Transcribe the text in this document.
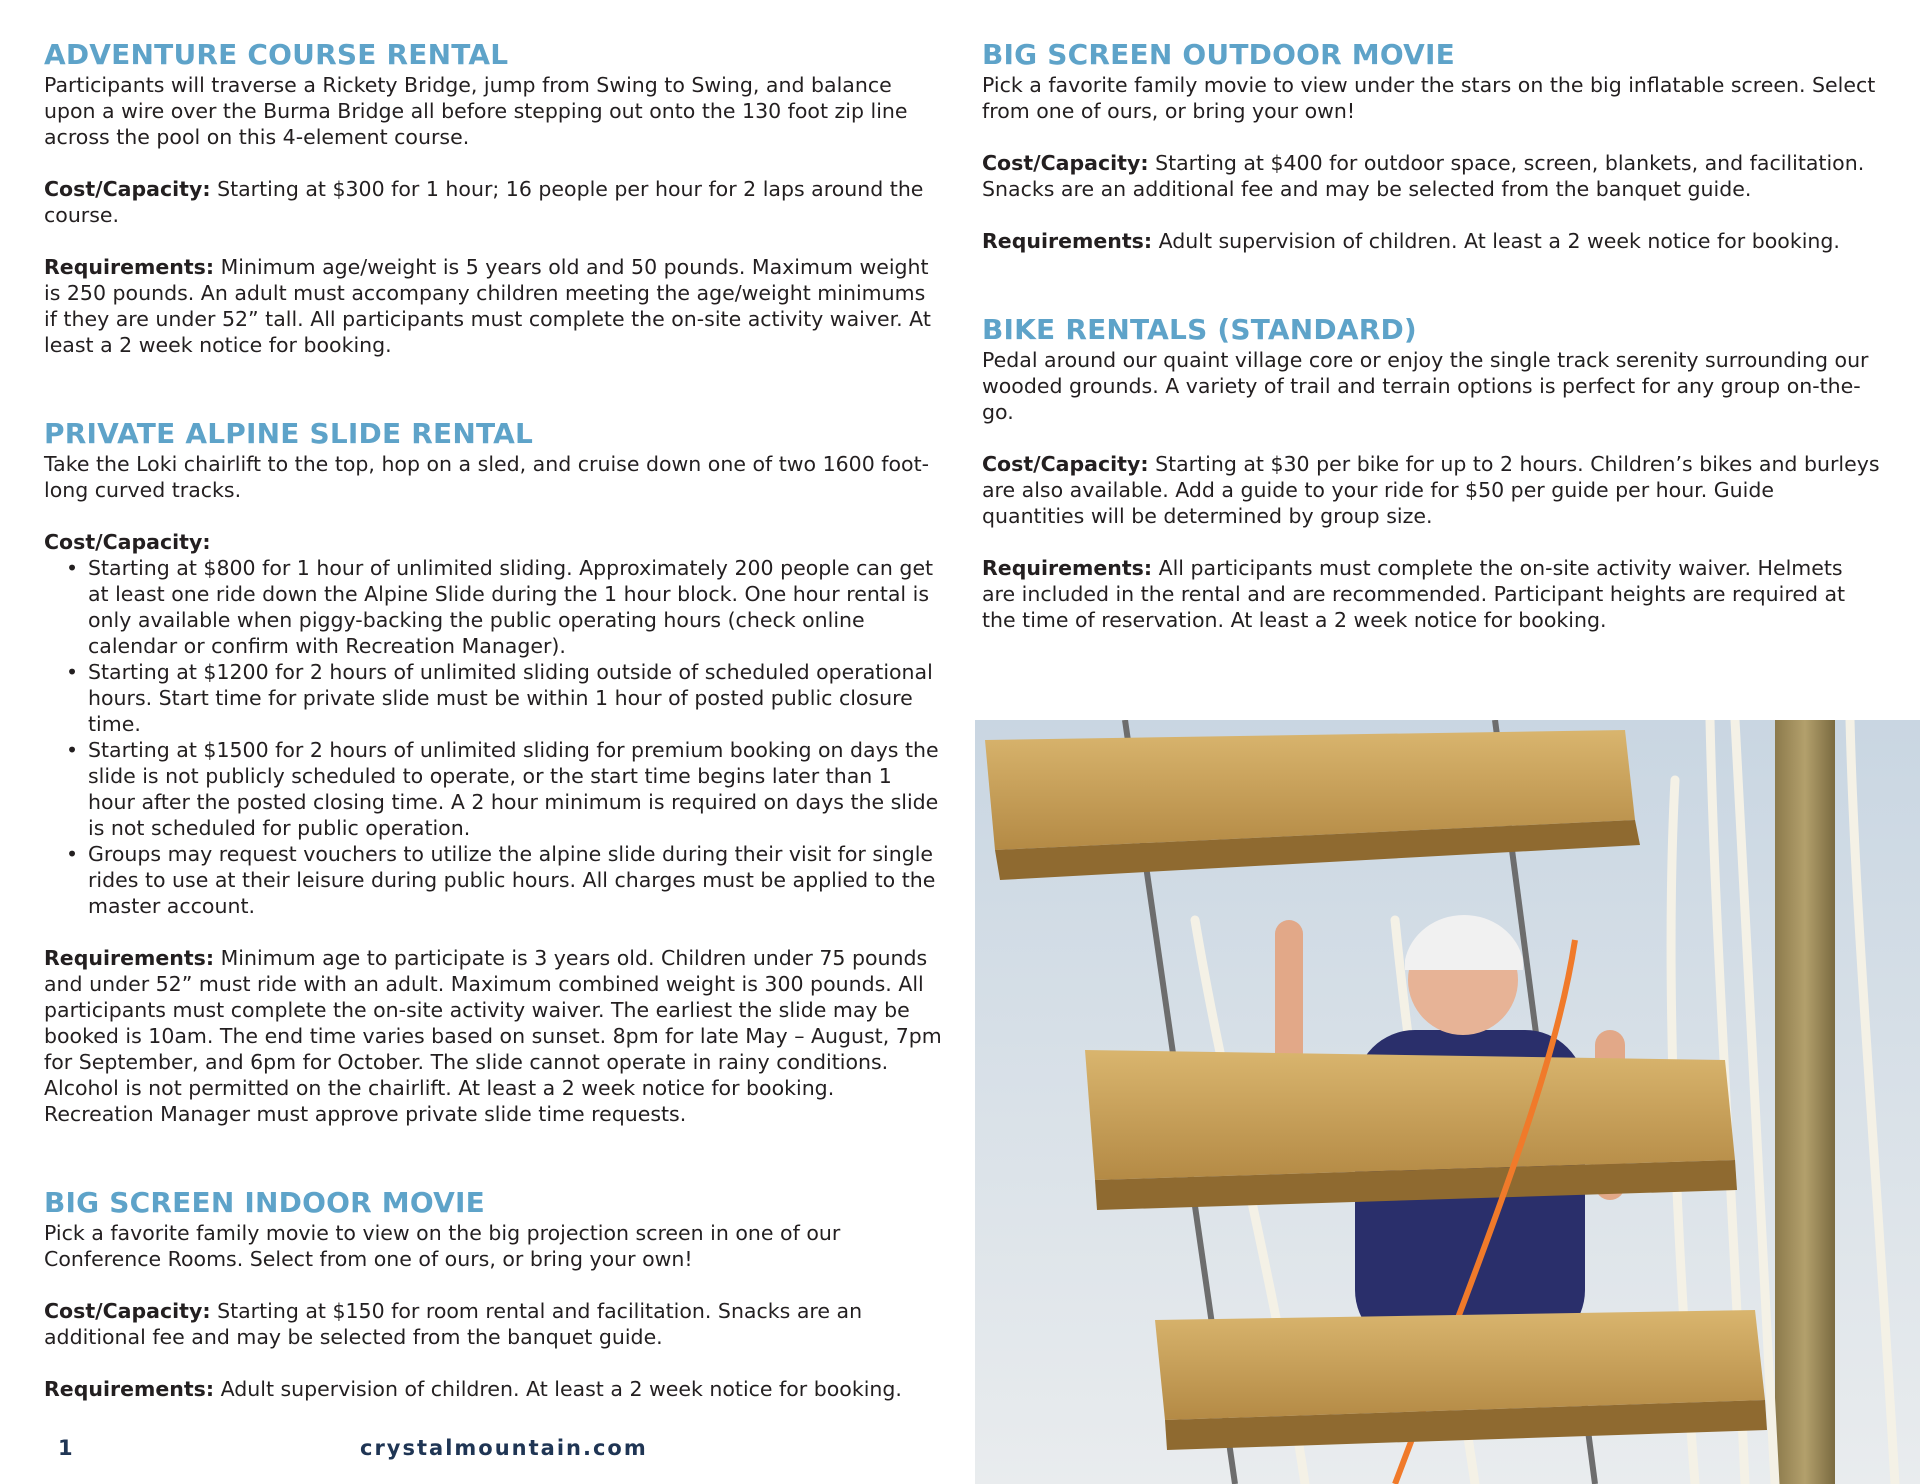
ADVENTURE COURSE RENTAL

Participants will traverse a Rickety Bridge, jump from Swing to Swing, and balance upon a wire over the Burma Bridge all before stepping out onto the 130 foot zip line across the pool on this 4-element course.

Cost/Capacity: Starting at $300 for 1 hour; 16 people per hour for 2 laps around the course.

Requirements: Minimum age/weight is 5 years old and 50 pounds. Maximum weight is 250 pounds. An adult must accompany children meeting the age/weight minimums if they are under 52” tall. All participants must complete the on-site activity waiver. At least a 2 week notice for booking.

PRIVATE ALPINE SLIDE RENTAL

Take the Loki chairlift to the top, hop on a sled, and cruise down one of two 1600 foot-long curved tracks.

Cost/Capacity:

• Starting at $800 for 1 hour of unlimited sliding. Approximately 200 people can get at least one ride down the Alpine Slide during the 1 hour block. One hour rental is only available when piggy-backing the public operating hours (check online calendar or confirm with Recreation Manager).
• Starting at $1200 for 2 hours of unlimited sliding outside of scheduled operational hours. Start time for private slide must be within 1 hour of posted public closure time.
• Starting at $1500 for 2 hours of unlimited sliding for premium booking on days the slide is not publicly scheduled to operate, or the start time begins later than 1 hour after the posted closing time. A 2 hour minimum is required on days the slide is not scheduled for public operation.
• Groups may request vouchers to utilize the alpine slide during their visit for single rides to use at their leisure during public hours. All charges must be applied to the master account.

Requirements: Minimum age to participate is 3 years old. Children under 75 pounds and under 52” must ride with an adult. Maximum combined weight is 300 pounds. All participants must complete the on-site activity waiver. The earliest the slide may be booked is 10am. The end time varies based on sunset. 8pm for late May – August, 7pm for September, and 6pm for October. The slide cannot operate in rainy conditions. Alcohol is not permitted on the chairlift. At least a 2 week notice for booking. Recreation Manager must approve private slide time requests.

BIG SCREEN INDOOR MOVIE

Pick a favorite family movie to view on the big projection screen in one of our Conference Rooms. Select from one of ours, or bring your own!

Cost/Capacity: Starting at $150 for room rental and facilitation. Snacks are an additional fee and may be selected from the banquet guide.

Requirements: Adult supervision of children. At least a 2 week notice for booking.

BIG SCREEN OUTDOOR MOVIE

Pick a favorite family movie to view under the stars on the big inflatable screen. Select from one of ours, or bring your own!

Cost/Capacity: Starting at $400 for outdoor space, screen, blankets, and facilitation. Snacks are an additional fee and may be selected from the banquet guide.

Requirements: Adult supervision of children. At least a 2 week notice for booking.

BIKE RENTALS (STANDARD)

Pedal around our quaint village core or enjoy the single track serenity surrounding our wooded grounds. A variety of trail and terrain options is perfect for any group on-the-go.

Cost/Capacity: Starting at $30 per bike for up to 2 hours. Children’s bikes and burleys are also available. Add a guide to your ride for $50 per guide per hour. Guide quantities will be determined by group size.

Requirements: All participants must complete the on-site activity waiver. Helmets are included in the rental and are recommended. Participant heights are required at the time of reservation. At least a 2 week notice for booking.

1	crystalmountain.com
